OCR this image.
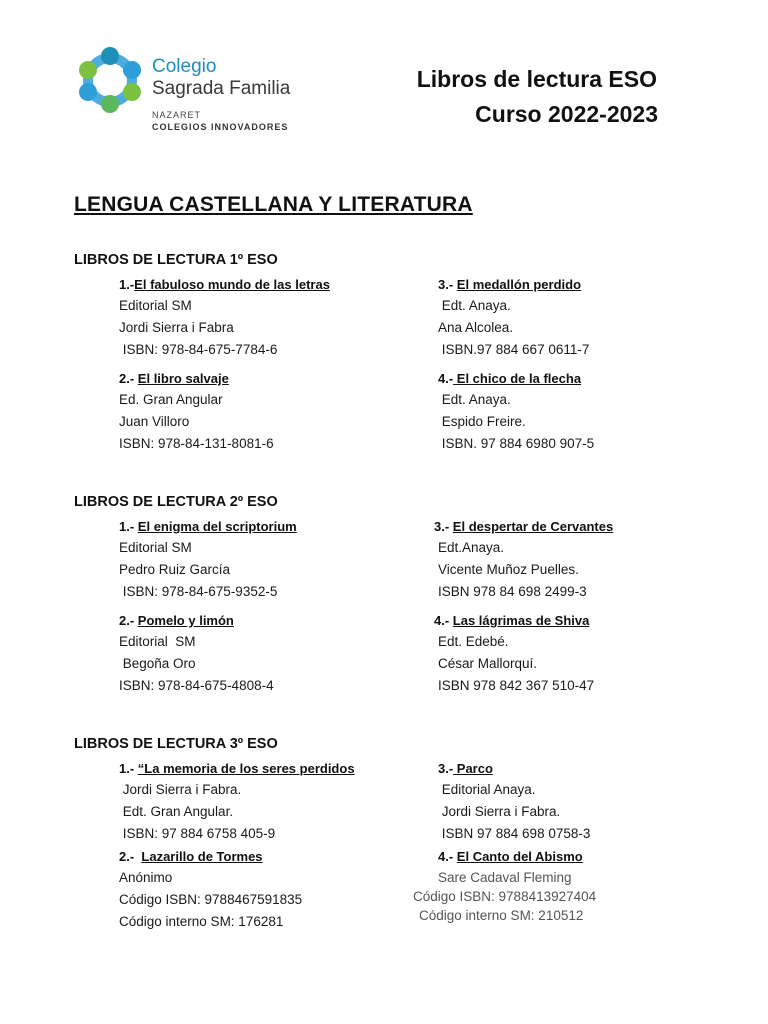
Colegio
Sagrada Familia
NAZARET
COLEGIOS INNOVADORES
Libros de lectura ESO
Curso 2022-2023
LENGUA CASTELLANA Y LITERATURA
LIBROS DE LECTURA 1º ESO
1.-El fabuloso mundo de las letras
Editorial SM
Jordi Sierra i Fabra
ISBN: 978-84-675-7784-6
3.- El medallón perdido
Edt. Anaya.
Ana Alcolea.
ISBN.97 884 667 0611-7
2.- El libro salvaje
Ed. Gran Angular
Juan Villoro
ISBN: 978-84-131-8081-6
4.- El chico de la flecha
Edt. Anaya.
Espido Freire.
ISBN. 97 884 6980 907-5
LIBROS DE LECTURA 2º ESO
1.- El enigma del scriptorium
Editorial SM
Pedro Ruiz García
ISBN: 978-84-675-9352-5
3.- El despertar de Cervantes
Edt.Anaya.
Vicente Muñoz Puelles.
ISBN 978 84 698 2499-3
2.- Pomelo y limón
Editorial  SM
Begoña Oro
ISBN: 978-84-675-4808-4
4.- Las lágrimas de Shiva
Edt. Edebé.
César Mallorquí.
ISBN 978 842 367 510-47
LIBROS DE LECTURA 3º ESO
1.- “La memoria de los seres perdidos
Jordi Sierra i Fabra.
Edt. Gran Angular.
ISBN: 97 884 6758 405-9
3.- Parco
Editorial Anaya.
Jordi Sierra i Fabra.
ISBN 97 884 698 0758-3
2.- Lazarillo de Tormes
Anónimo
Código ISBN: 9788467591835
Código interno SM: 176281
4.- El Canto del Abismo
Sare Cadaval Fleming
Código ISBN: 9788413927404
Código interno SM: 210512
